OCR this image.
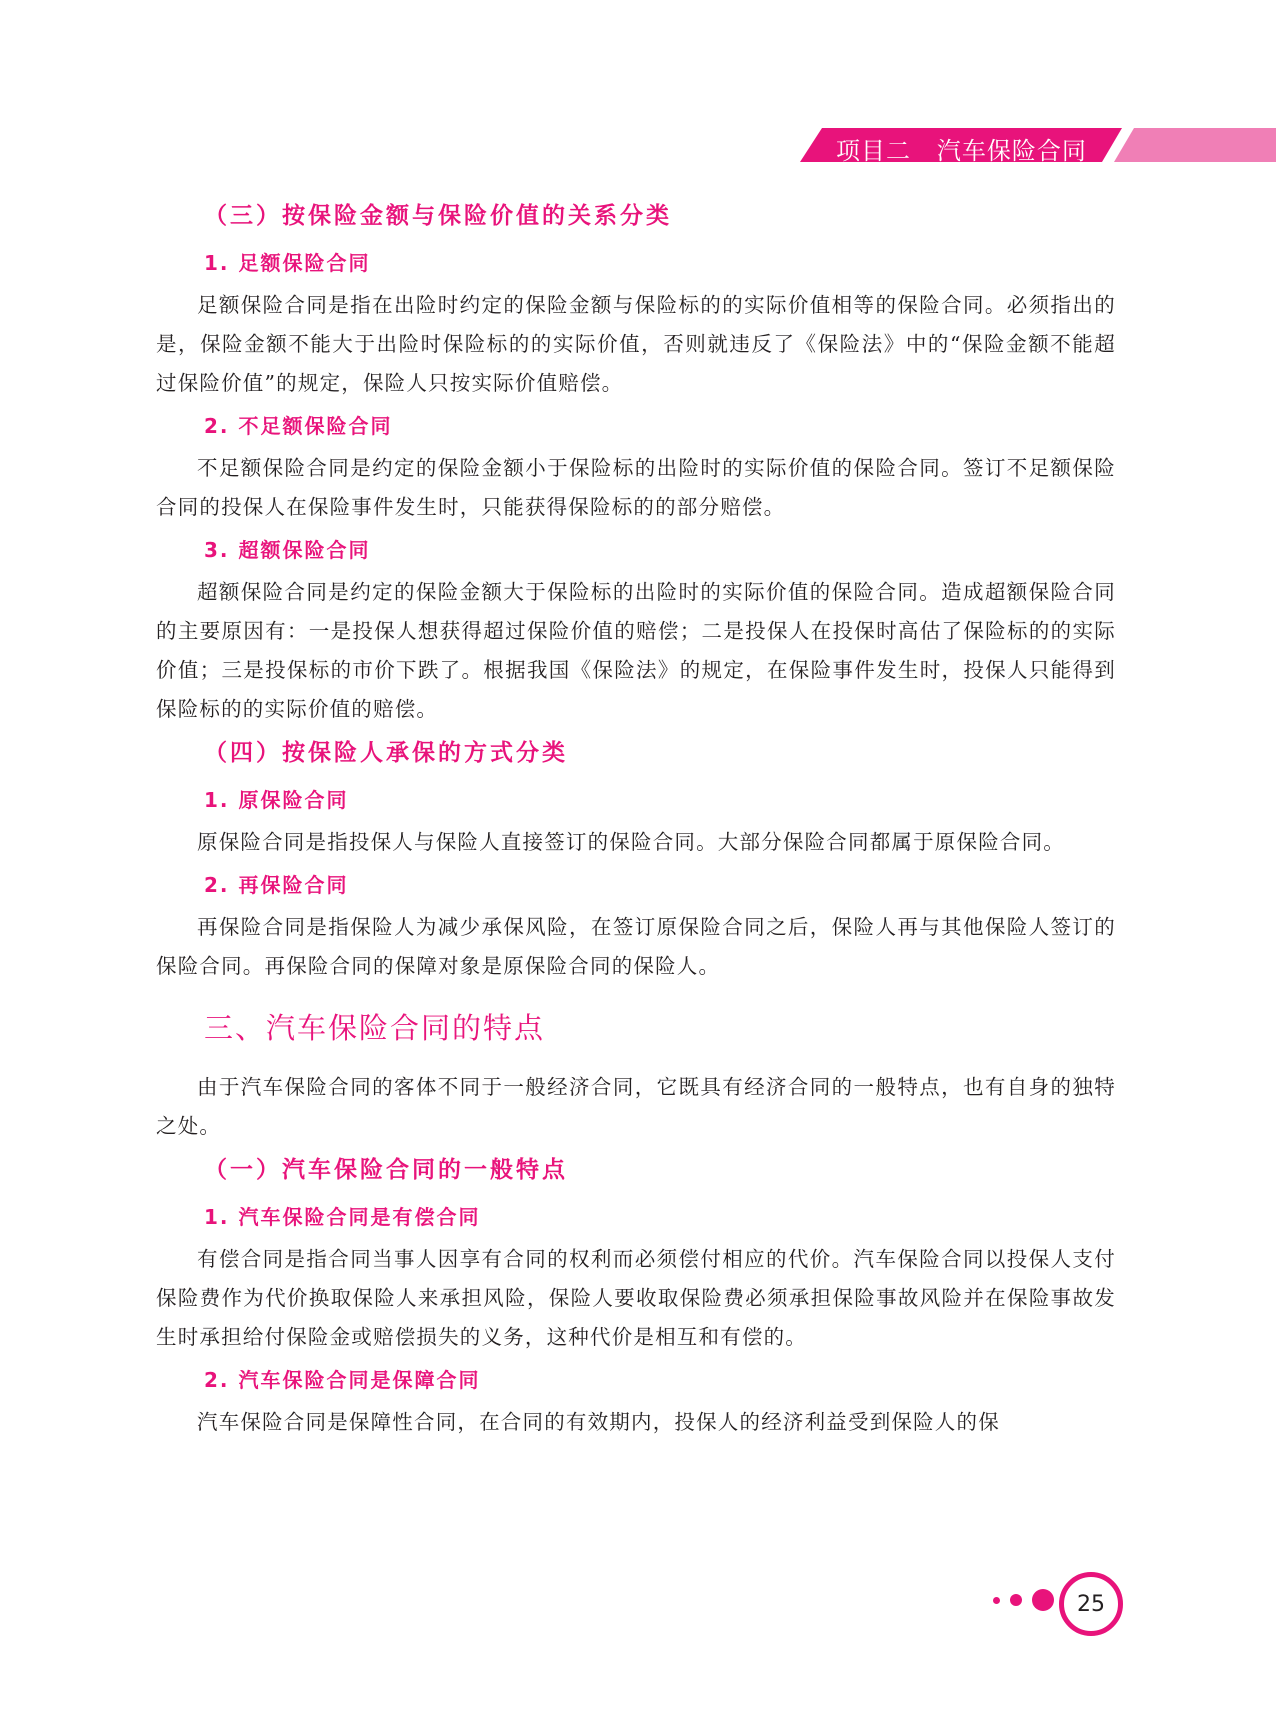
项目二   汽车保险合同
（三）按保险金额与保险价值的关系分类
1. 足额保险合同

足额保险合同是指在出险时约定的保险金额与保险标的的实际价值相等的保险合同。必须指出的是，保险金额不能大于出险时保险标的的实际价值，否则就违反了《保险法》中的“保险金额不能超过保险价值”的规定，保险人只按实际价值赔偿。

2. 不足额保险合同

不足额保险合同是约定的保险金额小于保险标的出险时的实际价值的保险合同。签订不足额保险合同的投保人在保险事件发生时，只能获得保险标的的部分赔偿。

3. 超额保险合同

超额保险合同是约定的保险金额大于保险标的出险时的实际价值的保险合同。造成超额保险合同的主要原因有：一是投保人想获得超过保险价值的赔偿；二是投保人在投保时高估了保险标的的实际价值；三是投保标的市价下跌了。根据我国《保险法》的规定，在保险事件发生时，投保人只能得到保险标的的实际价值的赔偿。

（四）按保险人承保的方式分类
1. 原保险合同

原保险合同是指投保人与保险人直接签订的保险合同。大部分保险合同都属于原保险合同。

2. 再保险合同

再保险合同是指保险人为减少承保风险，在签订原保险合同之后，保险人再与其他保险人签订的保险合同。再保险合同的保障对象是原保险合同的保险人。

三、汽车保险合同的特点

由于汽车保险合同的客体不同于一般经济合同，它既具有经济合同的一般特点，也有自身的独特之处。

（一）汽车保险合同的一般特点
1. 汽车保险合同是有偿合同

有偿合同是指合同当事人因享有合同的权利而必须偿付相应的代价。汽车保险合同以投保人支付保险费作为代价换取保险人来承担风险，保险人要收取保险费必须承担保险事故风险并在保险事故发生时承担给付保险金或赔偿损失的义务，这种代价是相互和有偿的。

2. 汽车保险合同是保障合同

汽车保险合同是保障性合同，在合同的有效期内，投保人的经济利益受到保险人的保

25
